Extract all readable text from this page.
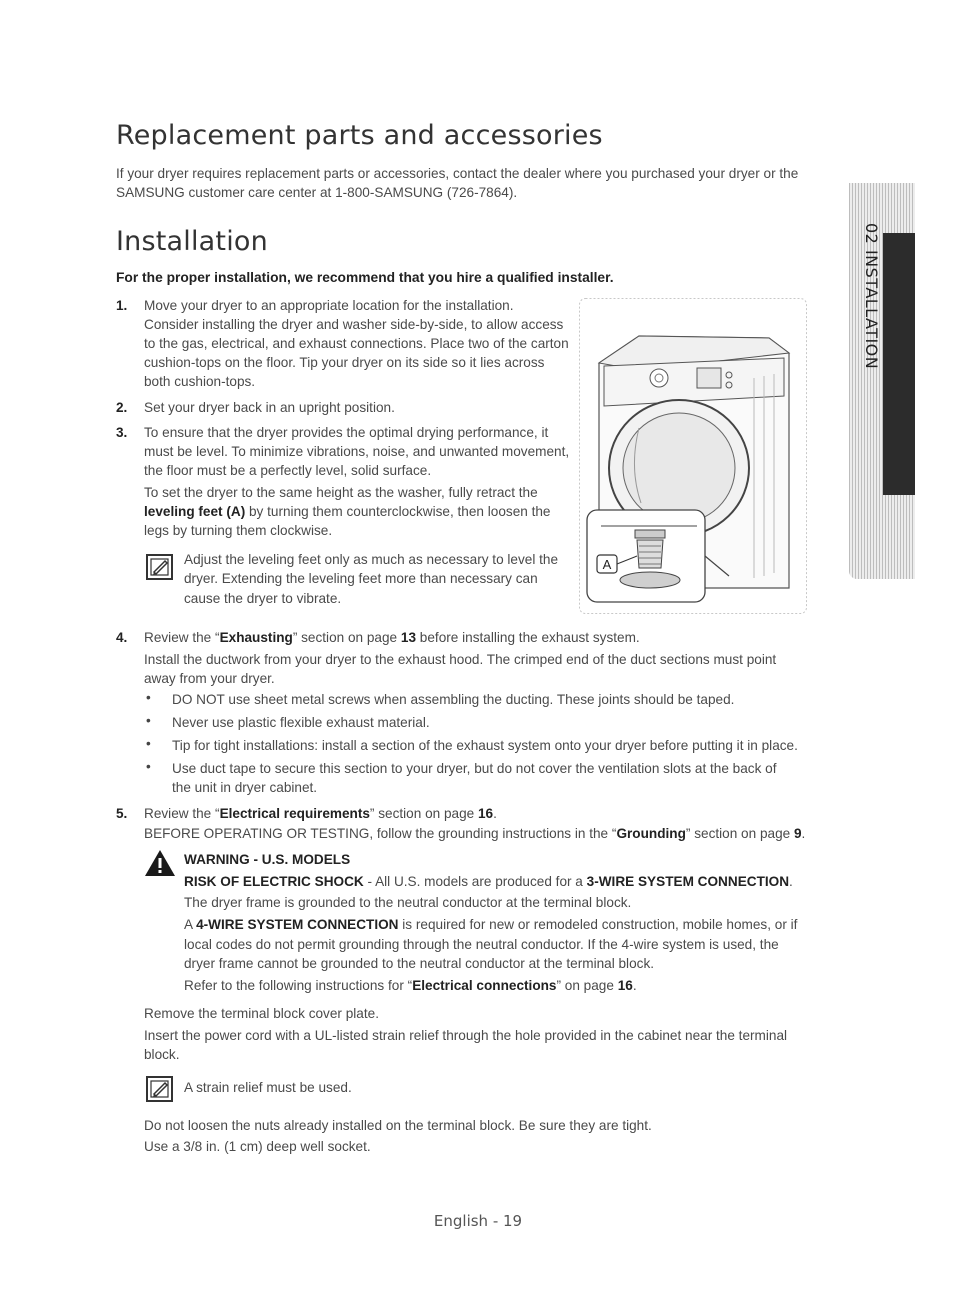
Replacement parts and accessories

If your dryer requires replacement parts or accessories, contact the dealer where you purchased your dryer or the

SAMSUNG customer care center at 1-800-SAMSUNG (726-7864).

Installation

For the proper installation, we recommend that you hire a qualified installer.	02 INSTALLATION
1. Move your dryer to an appropriate location for the installation.

Consider installing the dryer and washer side-by-side, to allow access

to the gas, electrical, and exhaust connections. Place two of the carton

cushion-tops on the floor. Tip your dryer on its side so it lies across

both cushion-tops.

2. Set your dryer back in an upright position.

3. To ensure that the dryer provides the optimal drying performance, it

must be level. To minimize vibrations, noise, and unwanted movement,

the floor must be a perfectly level, solid surface.

To set the dryer to the same height as the washer, fully retract the

leveling feet (A) by turning them counterclockwise, then loosen the

legs by turning them clockwise.

Adjust the leveling feet only as much as necessary to level the

dryer. Extending the leveling feet more than necessary can

cause the dryer to vibrate.

A
4. Review the “Exhausting” section on page 13 before installing the exhaust system.

Install the ductwork from your dryer to the exhaust hood. The crimped end of the duct sections must point

away from your dryer.

• DO NOT use sheet metal screws when assembling the ducting. These joints should be taped.

• Never use plastic flexible exhaust material.

• Tip for tight installations: install a section of the exhaust system onto your dryer before putting it in place.

• Use duct tape to secure this section to your dryer, but do not cover the ventilation slots at the back of

the unit in dryer cabinet.

5. Review the “Electrical requirements” section on page 16.

BEFORE OPERATING OR TESTING, follow the grounding instructions in the “Grounding” section on page 9.

WARNING - U.S. MODELS

RISK OF ELECTRIC SHOCK - All U.S. models are produced for a 3-WIRE SYSTEM CONNECTION.

The dryer frame is grounded to the neutral conductor at the terminal block.

A 4-WIRE SYSTEM CONNECTION is required for new or remodeled construction, mobile homes, or if

local codes do not permit grounding through the neutral conductor. If the 4-wire system is used, the

dryer frame cannot be grounded to the neutral conductor at the terminal block.

Refer to the following instructions for “Electrical connections” on page 16.

Remove the terminal block cover plate.

Insert the power cord with a UL-listed strain relief through the hole provided in the cabinet near the terminal

block.

A strain relief must be used.

Do not loosen the nuts already installed on the terminal block. Be sure they are tight.

Use a 3/8 in. (1 cm) deep well socket.

English - 19
